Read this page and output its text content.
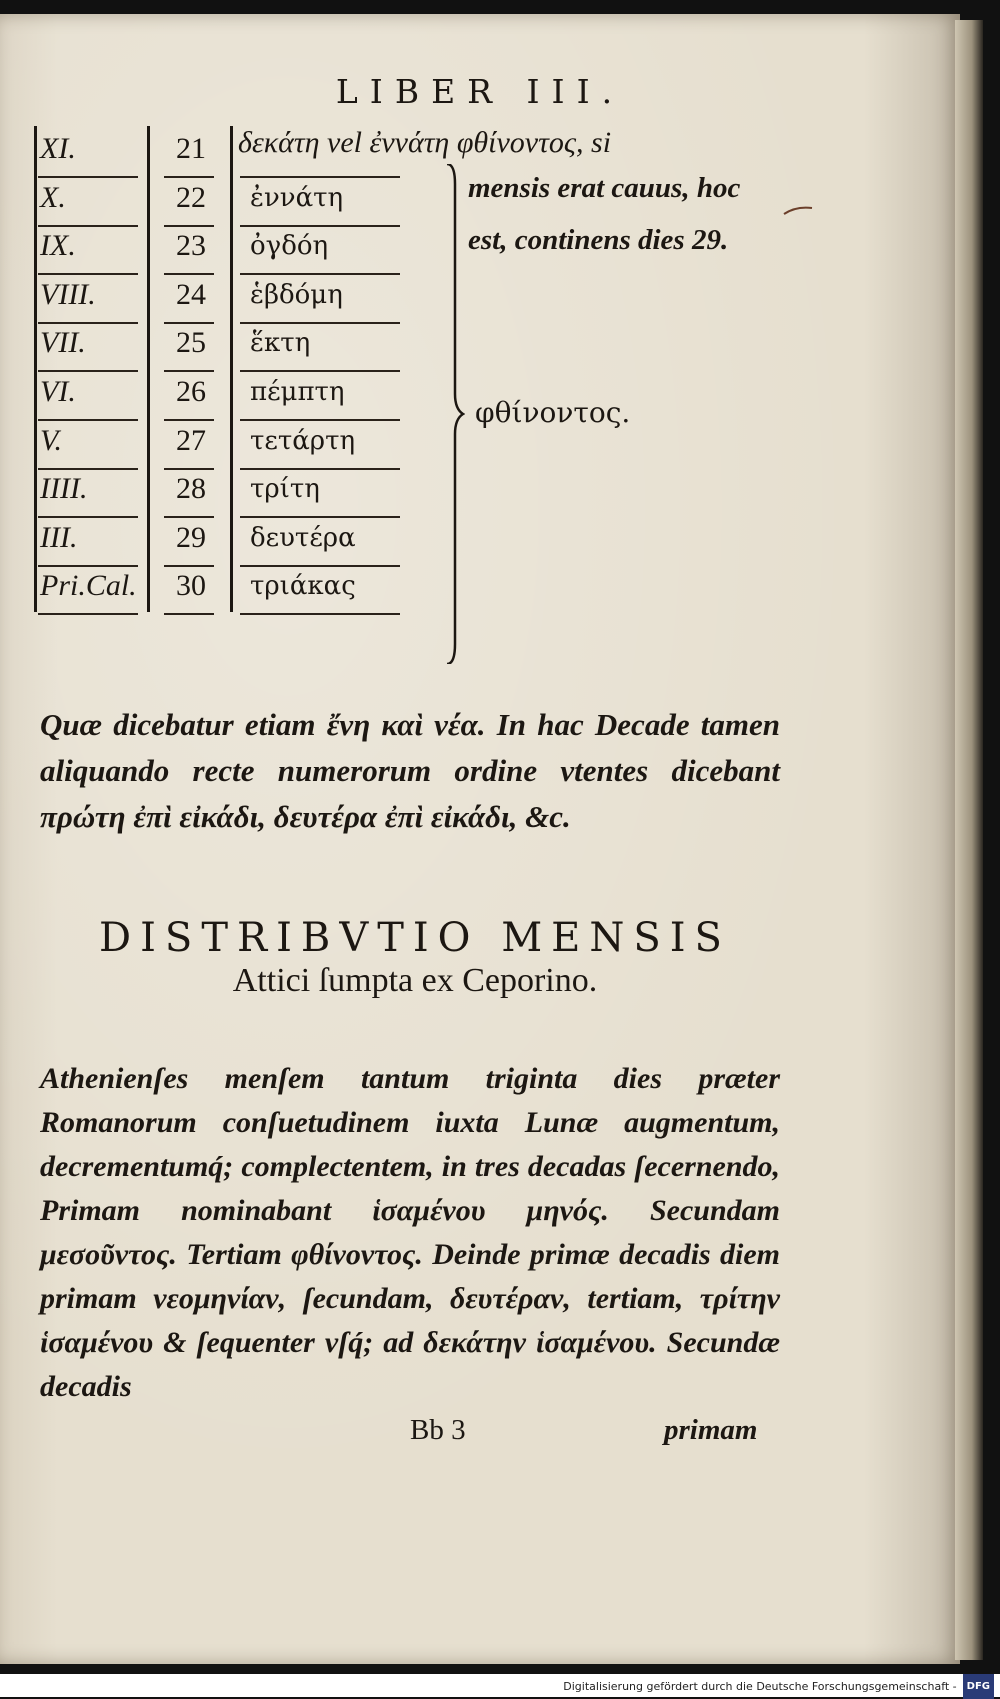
LIBER III.
XI.	21
X.	22 ἐννάτη
IX.	23 ὀγδόη
VIII.	24 ἑβδόμη
VII.	25 ἕκτη
VI.	26 πέμπτη
V.	27 τετάρτη
IIII.	28 τρίτη
III.	29 δευτέρα
Pri.Cal. 30 τριάκας
δεκάτη vel ἐννάτη φθίνοντος, si
mensis erat cauus, hoc
est, continens dies 29.
φθίνοντος.
Quæ dicebatur etiam ἔνη καὶ νέα. In hac Decade tamen aliquando recte numerorum ordine vtentes dicebant πρώτη ἐπὶ εἰκάδι, δευτέρα ἐπὶ εἰκάδι, &c.
DISTRIBVTIO MENSIS
Attici ſumpta ex Ceporino.
Athenienſes menſem tantum triginta dies præter Romanorum conſuetudinem iuxta Lunæ augmentum, decrementumq́; complectentem, in tres decadas ſecernendo, Primam nominabant ἱσαμένου μηνός. Secundam μεσοῦντος. Tertiam φθίνοντος. Deinde primæ decadis diem primam νεομηνίαν, ſecundam, δευτέραν, tertiam, τρίτην ἱσαμένου & ſequenter vſq́; ad δεκάτην ἱσαμένου. Secundæ decadis
Bb 3	primam
Digitalisierung gefördert durch die Deutsche Forschungsgemeinschaft - DFG
